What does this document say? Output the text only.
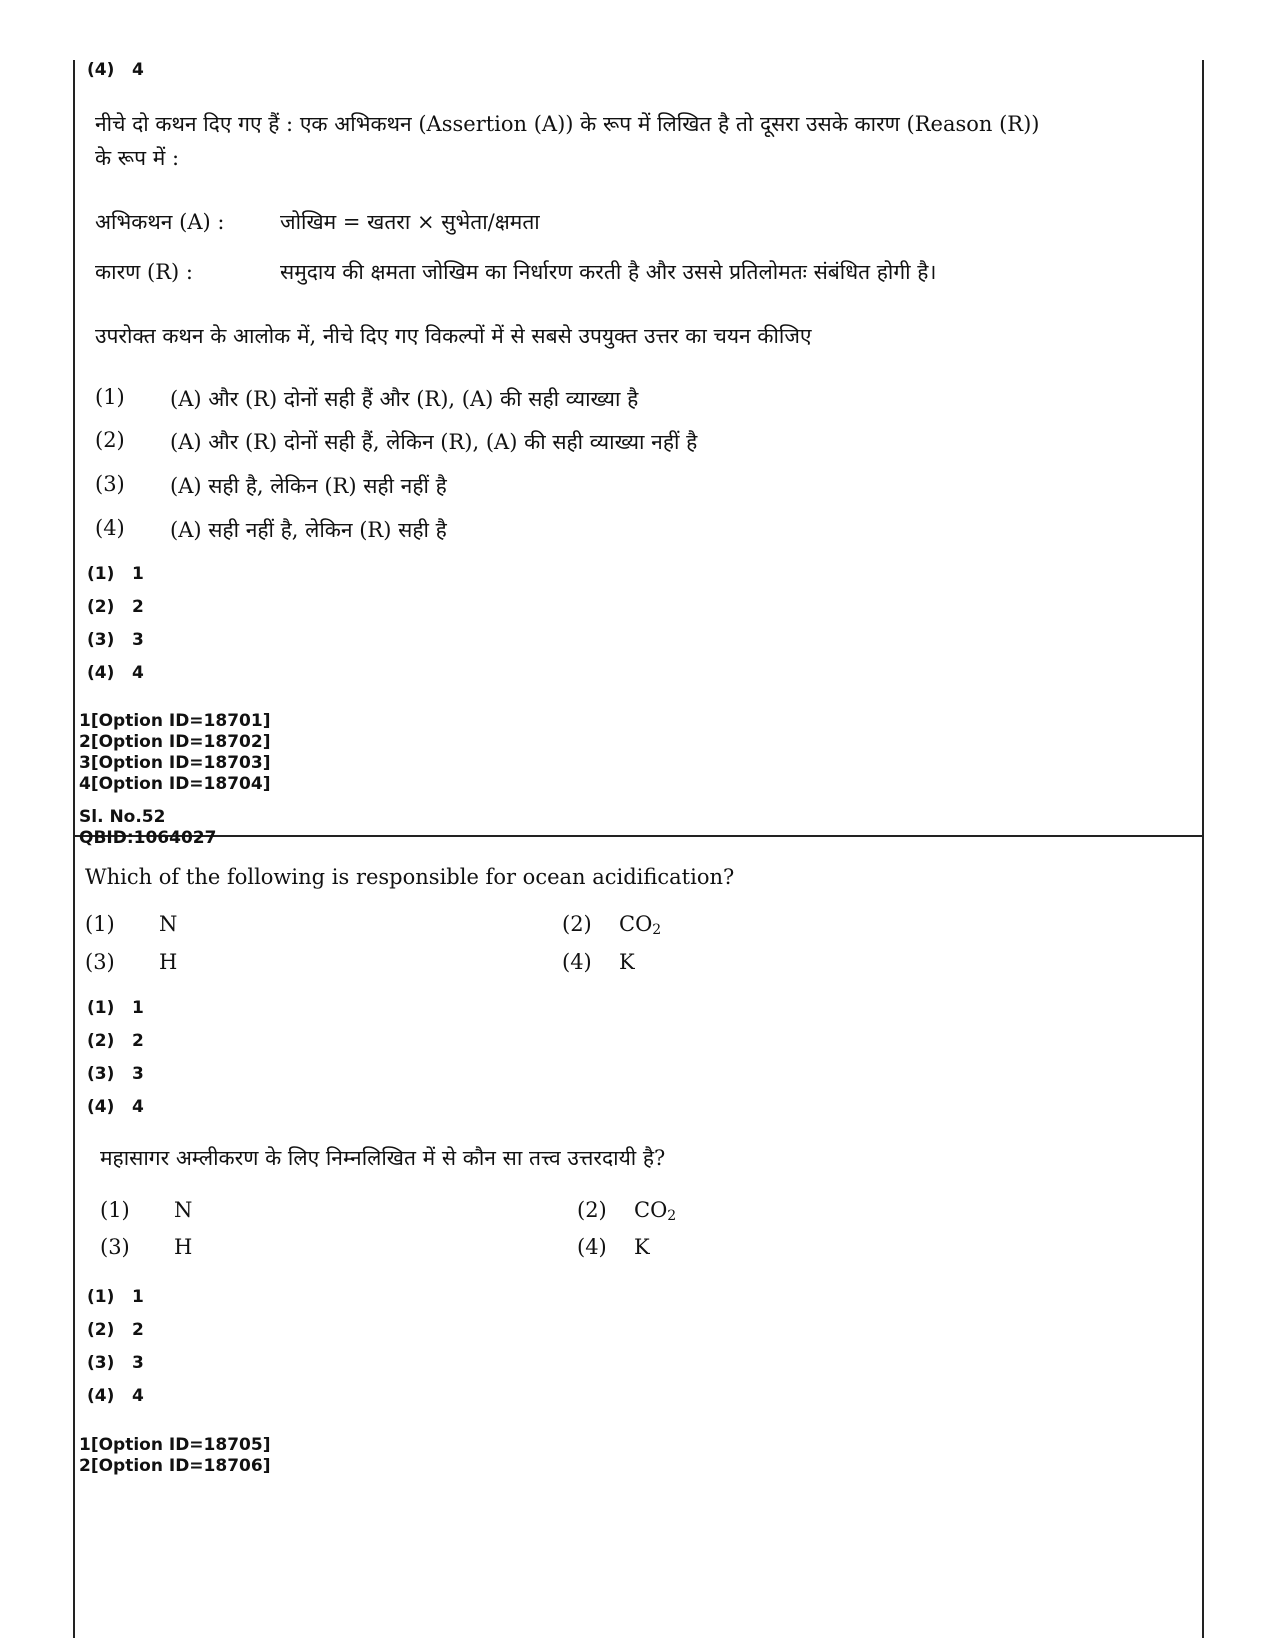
(4) 4
नीचे दो कथन दिए गए हैं : एक अभिकथन (Assertion (A)) के रूप में लिखित है तो दूसरा उसके कारण (Reason (R))
के रूप में :
अभिकथन (A) :	जोखिम = खतरा × सुभेता/क्षमता
कारण (R) :	समुदाय की क्षमता जोखिम का निर्धारण करती है और उससे प्रतिलोमतः संबंधित होगी है।
उपरोक्त कथन के आलोक में, नीचे दिए गए विकल्पों में से सबसे उपयुक्त उत्तर का चयन कीजिए
(1) (A) और (R) दोनों सही हैं और (R), (A) की सही व्याख्या है
(2) (A) और (R) दोनों सही हैं, लेकिन (R), (A) की सही व्याख्या नहीं है
(3) (A) सही है, लेकिन (R) सही नहीं है
(4) (A) सही नहीं है, लेकिन (R) सही है
(1) 1
(2) 2
(3) 3
(4) 4
1[Option ID=18701]
2[Option ID=18702]
3[Option ID=18703]
4[Option ID=18704]
Sl. No.52
QBID:1064027
Which of the following is responsible for ocean acidification?
(1) N	(2) $CO_2$
(3) H	(4) K
(1) 1
(2) 2
(3) 3
(4) 4
महासागर अम्लीकरण के लिए निम्नलिखित में से कौन सा तत्त्व उत्तरदायी है?
(1) N	(2) $CO_2$
(3) H	(4) K
(1) 1
(2) 2
(3) 3
(4) 4
1[Option ID=18705]
2[Option ID=18706]
